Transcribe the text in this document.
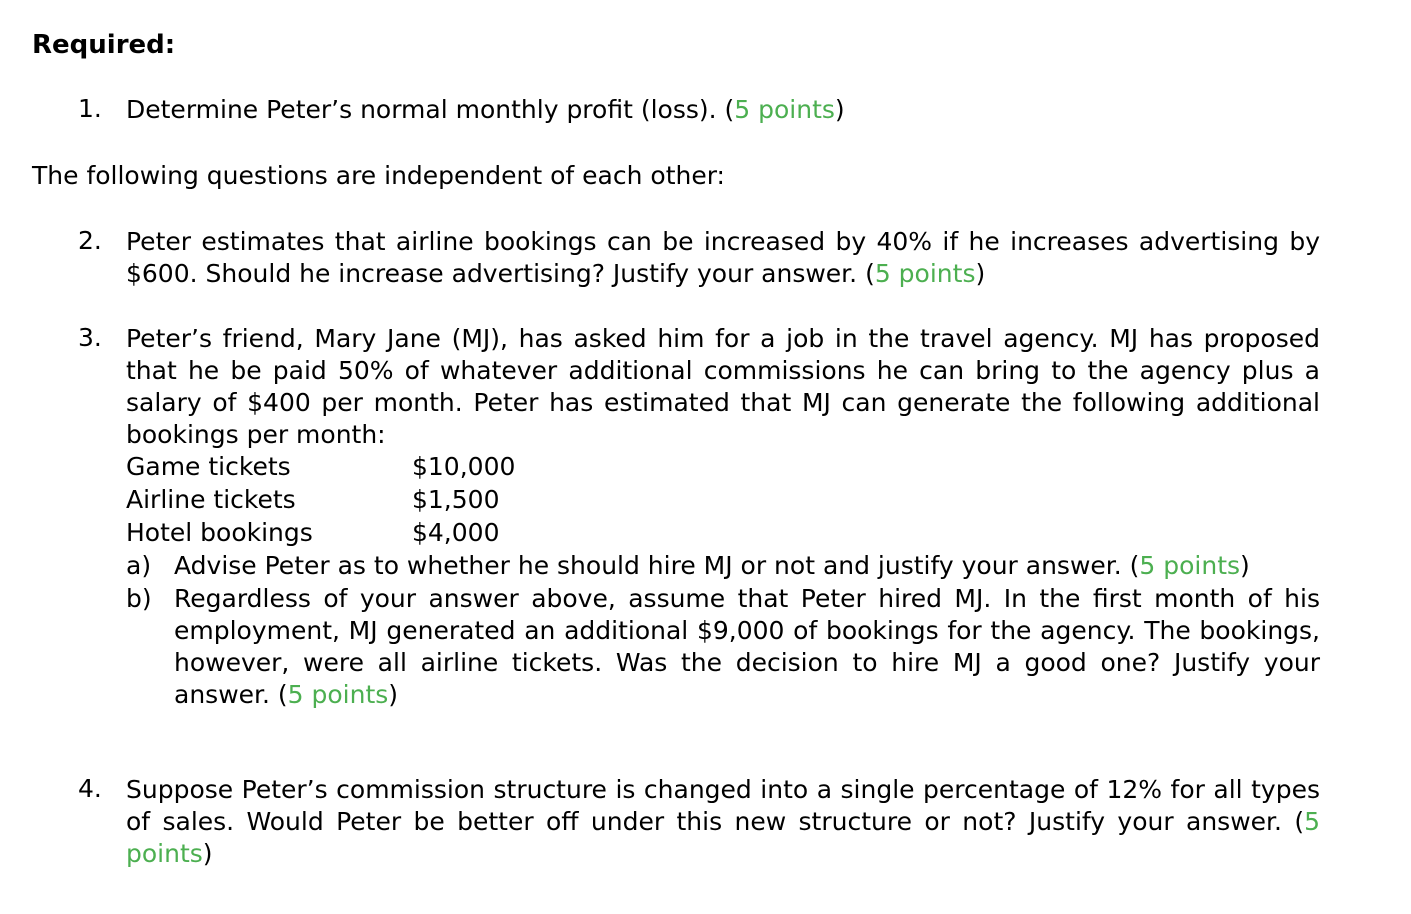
Required:
1. Determine Peter’s normal monthly profit (loss). (5 points)
The following questions are independent of each other:
2. Peter estimates that airline bookings can be increased by 40% if he increases advertising by $600. Should he increase advertising? Justify your answer. (5 points)
3. Peter’s friend, Mary Jane (MJ), has asked him for a job in the travel agency. MJ has proposed that he be paid 50% of whatever additional commissions he can bring to the agency plus a salary of $400 per month. Peter has estimated that MJ can generate the following additional bookings per month:
Game tickets	$10,000
Airline tickets	$1,500
Hotel bookings	$4,000
a) Advise Peter as to whether he should hire MJ or not and justify your answer. (5 points)
b) Regardless of your answer above, assume that Peter hired MJ. In the first month of his employment, MJ generated an additional $9,000 of bookings for the agency. The bookings, however, were all airline tickets. Was the decision to hire MJ a good one? Justify your answer. (5 points)
4. Suppose Peter’s commission structure is changed into a single percentage of 12% for all types of sales. Would Peter be better off under this new structure or not? Justify your answer. (5 points)
